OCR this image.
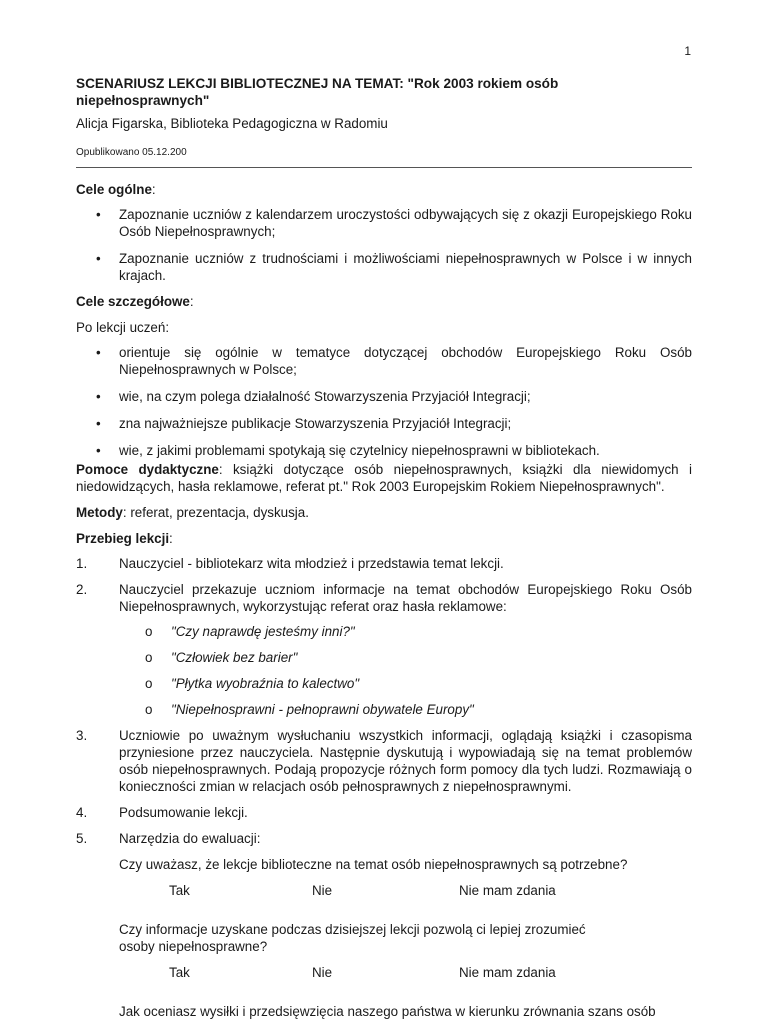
1

SCENARIUSZ LEKCJI BIBLIOTECZNEJ NA TEMAT: "Rok 2003 rokiem osób niepełnosprawnych"

Alicja Figarska, Biblioteka Pedagogiczna w Radomiu

Opublikowano 05.12.200

Cele ogólne:

• Zapoznanie uczniów z kalendarzem uroczystości odbywających się z okazji Europejskiego Roku Osób Niepełnosprawnych;
• Zapoznanie uczniów z trudnościami i możliwościami niepełnosprawnych w Polsce i w innych krajach.

Cele szczegółowe:

Po lekcji uczeń:

• orientuje się ogólnie w tematyce dotyczącej obchodów Europejskiego Roku Osób
Niepełnosprawnych w Polsce;
• wie, na czym polega działalność Stowarzyszenia Przyjaciół Integracji;
• zna najważniejsze publikacje Stowarzyszenia Przyjaciół Integracji;
• wie, z jakimi problemami spotykają się czytelnicy niepełnosprawni w bibliotekach.

Pomoce dydaktyczne: książki dotyczące osób niepełnosprawnych, książki dla niewidomych i niedowidzących, hasła reklamowe, referat pt." Rok 2003 Europejskim Rokiem Niepełnosprawnych".

Metody: referat, prezentacja, dyskusja.

Przebieg lekcji:

1. Nauczyciel - bibliotekarz wita młodzież i przedstawia temat lekcji.
2. Nauczyciel przekazuje uczniom informacje na temat obchodów Europejskiego Roku Osób Niepełnosprawnych, wykorzystując referat oraz hasła reklamowe:
o "Czy naprawdę jesteśmy inni?"
o "Człowiek bez barier"
o "Płytka wyobraźnia to kalectwo"
o "Niepełnosprawni - pełnoprawni obywatele Europy"
3. Uczniowie po uważnym wysłuchaniu wszystkich informacji, oglądają książki i czasopisma przyniesione przez nauczyciela. Następnie dyskutują i wypowiadają się na temat problemów osób niepełnosprawnych. Podają propozycje różnych form pomocy dla tych ludzi. Rozmawiają o konieczności zmian w relacjach osób pełnosprawnych z niepełnosprawnymi.
4. Podsumowanie lekcji.
5. Narzędzia do ewaluacji:

Czy uważasz, że lekcje biblioteczne na temat osób niepełnosprawnych są potrzebne?

Tak	Nie	Nie mam zdania

Czy informacje uzyskane podczas dzisiejszej lekcji pozwolą ci lepiej zrozumieć osoby niepełnosprawne?

Tak	Nie	Nie mam zdania

Jak oceniasz wysiłki i przedsięwzięcia naszego państwa w kierunku zrównania szans osób
